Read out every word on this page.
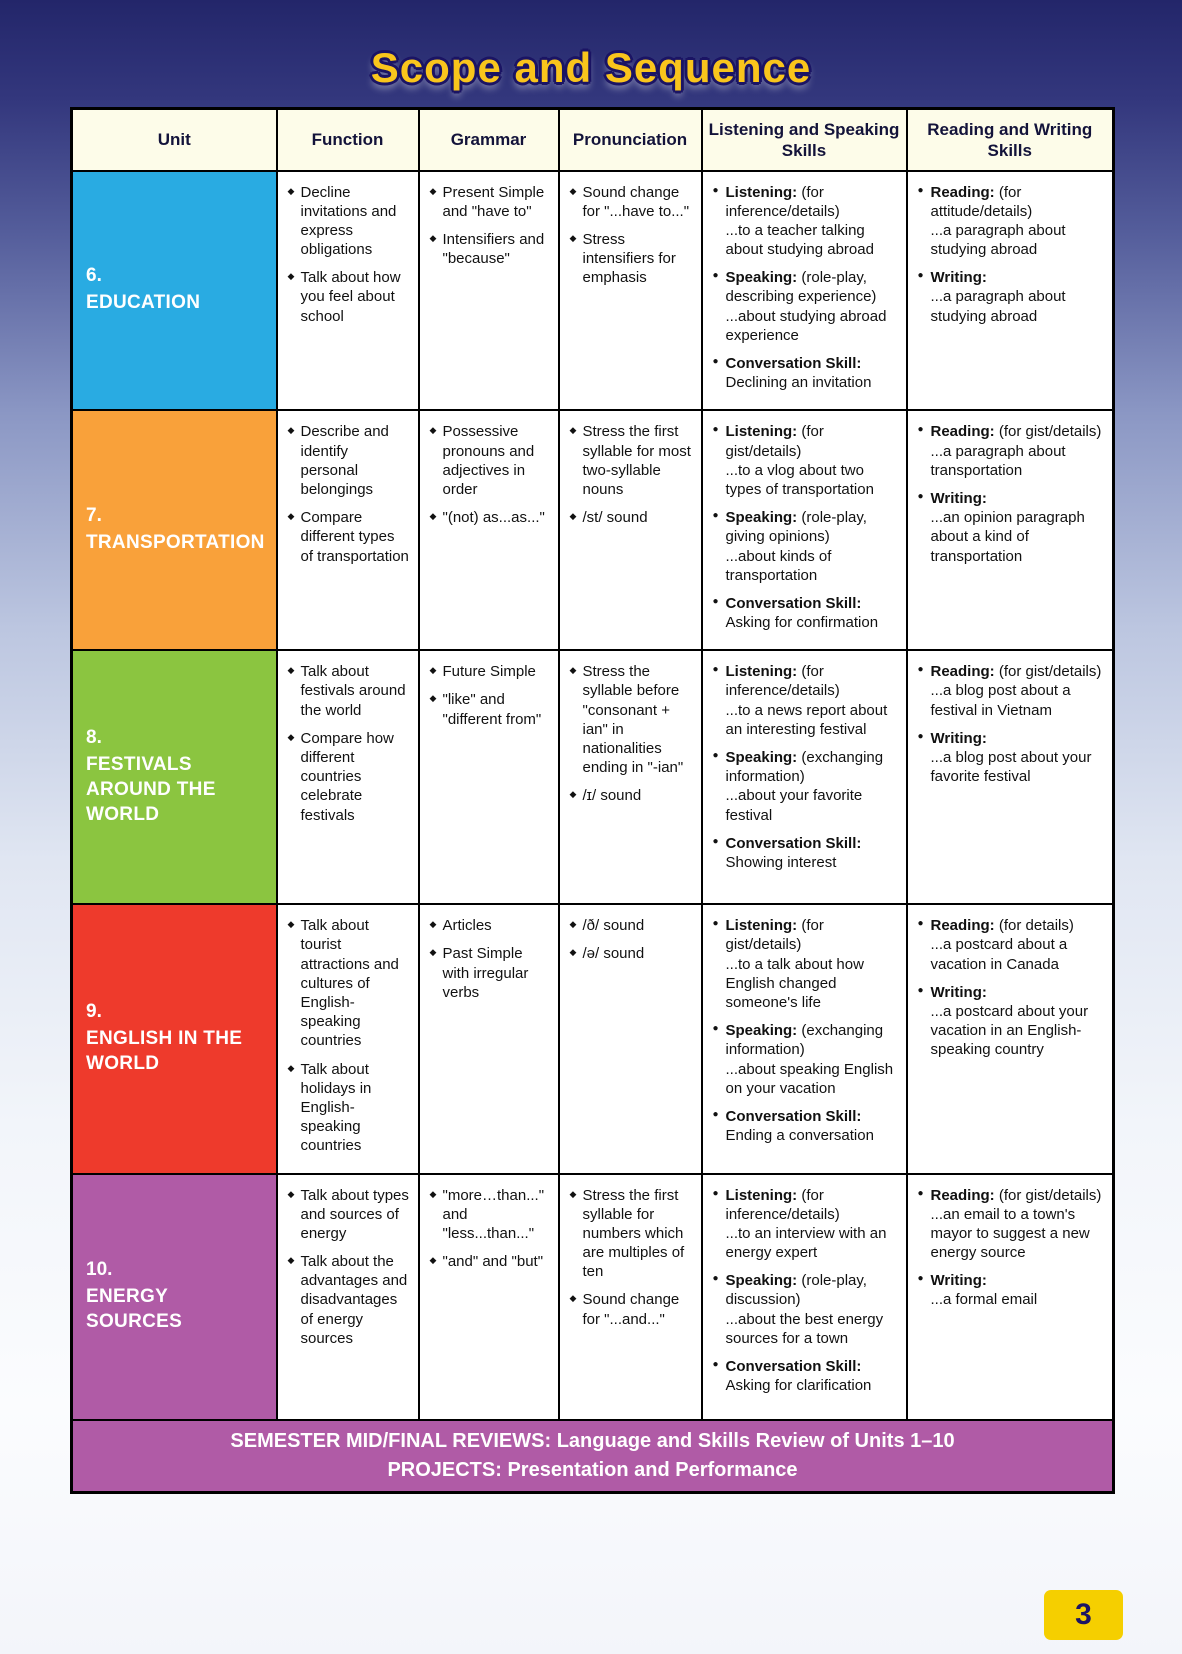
Scope and Sequence
Unit	Function	Grammar	Pronunciation	Listening and Speaking Skills	Reading and Writing Skills

6.
EDUCATION

◆ Decline invitations and express obligations
◆ Talk about how you feel about school

◆ Present Simple and "have to"
◆ Intensifiers and "because"

◆ Sound change for "...have to..."
◆ Stress intensifiers for emphasis

● Listening: (for inference/details)
...to a teacher talking about studying abroad
● Speaking: (role-play, describing experience)
...about studying abroad experience
● Conversation Skill:
Declining an invitation

● Reading: (for attitude/details)
...a paragraph about studying abroad
● Writing:
...a paragraph about studying abroad

7.
TRANSPORTATION

◆ Describe and identify personal belongings
◆ Compare different types of transportation

◆ Possessive pronouns and adjectives in order
◆ "(not) as...as..."

◆ Stress the first syllable for most two-syllable nouns
◆ /st/ sound

● Listening: (for gist/details)
...to a vlog about two types of transportation
● Speaking: (role-play, giving opinions)
...about kinds of transportation
● Conversation Skill:
Asking for confirmation

● Reading: (for gist/details)
...a paragraph about transportation
● Writing:
...an opinion paragraph about a kind of transportation

8.
FESTIVALS AROUND THE WORLD

◆ Talk about festivals around the world
◆ Compare how different countries celebrate festivals

◆ Future Simple
◆ "like" and "different from"

◆ Stress the syllable before "consonant + ian" in nationalities ending in "-ian"
◆ /ɪ/ sound

● Listening: (for inference/details)
...to a news report about an interesting festival
● Speaking: (exchanging information)
...about your favorite festival
● Conversation Skill:
Showing interest

● Reading: (for gist/details)
...a blog post about a festival in Vietnam
● Writing:
...a blog post about your favorite festival

9.
ENGLISH IN THE WORLD

◆ Talk about tourist attractions and cultures of English-speaking countries
◆ Talk about holidays in English-speaking countries

◆ Articles
◆ Past Simple with irregular verbs

◆ /ð/ sound
◆ /ə/ sound

● Listening: (for gist/details)
...to a talk about how English changed someone's life
● Speaking: (exchanging information)
...about speaking English on your vacation
● Conversation Skill:
Ending a conversation

● Reading: (for details)
...a postcard about a vacation in Canada
● Writing:
...a postcard about your vacation in an English-speaking country

10.
ENERGY SOURCES

◆ Talk about types and sources of energy
◆ Talk about the advantages and disadvantages of energy sources

◆ "more…than..." and "less...than..."
◆ "and" and "but"

◆ Stress the first syllable for numbers which are multiples of ten
◆ Sound change for "...and..."

● Listening: (for inference/details)
...to an interview with an energy expert
● Speaking: (role-play, discussion)
...about the best energy sources for a town
● Conversation Skill:
Asking for clarification

● Reading: (for gist/details)
...an email to a town's mayor to suggest a new energy source
● Writing:
...a formal email

SEMESTER MID/FINAL REVIEWS: Language and Skills Review of Units 1–10
PROJECTS: Presentation and Performance					
3
